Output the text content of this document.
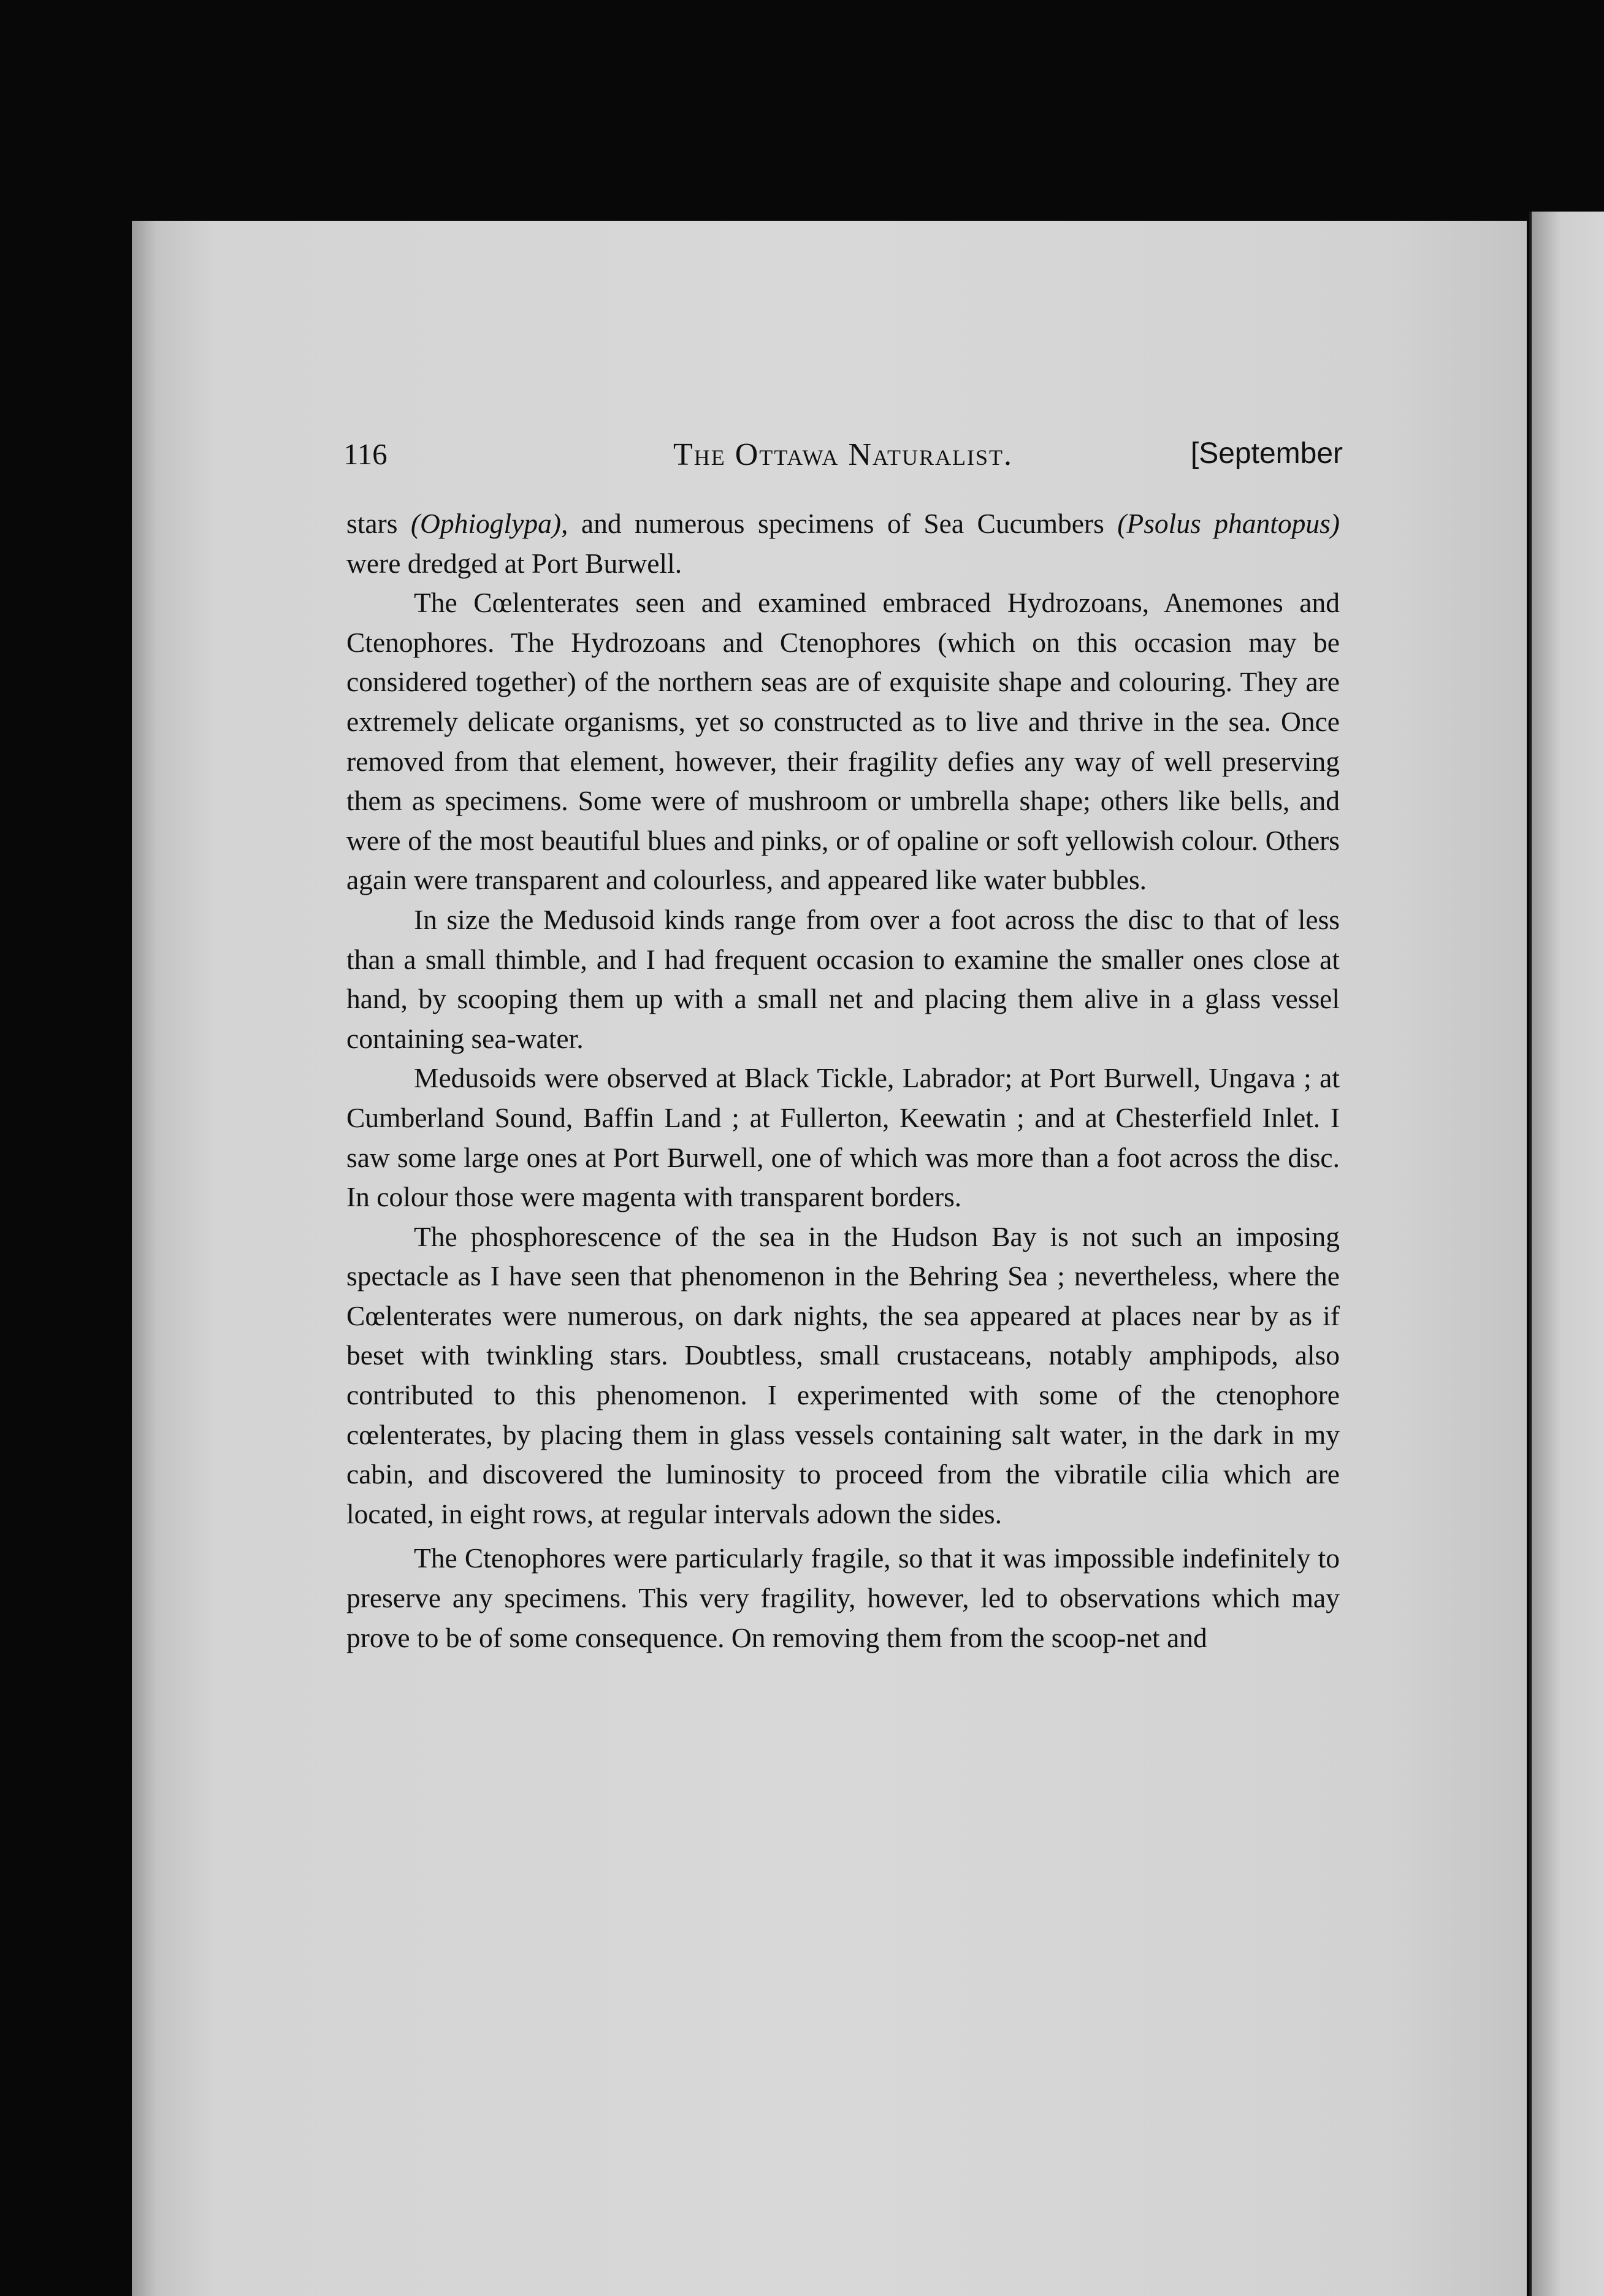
116	The Ottawa Naturalist.	[September

stars (Ophioglypa), and numerous specimens of Sea Cucumbers (Psolus phantopus) were dredged at Port Burwell.

The Cœlenterates seen and examined embraced Hydrozoans, Anemones and Ctenophores. The Hydrozoans and Ctenophores (which on this occasion may be considered together) of the northern seas are of exquisite shape and colouring. They are extremely delicate organisms, yet so constructed as to live and thrive in the sea. Once removed from that element, however, their fragility defies any way of well preserving them as specimens. Some were of mushroom or umbrella shape; others like bells, and were of the most beautiful blues and pinks, or of opaline or soft yellowish colour. Others again were transparent and colourless, and appeared like water bubbles.

In size the Medusoid kinds range from over a foot across the disc to that of less than a small thimble, and I had frequent occasion to examine the smaller ones close at hand, by scooping them up with a small net and placing them alive in a glass vessel containing sea-water.

Medusoids were observed at Black Tickle, Labrador; at Port Burwell, Ungava ; at Cumberland Sound, Baffin Land ; at Fullerton, Keewatin ; and at Chesterfield Inlet. I saw some large ones at Port Burwell, one of which was more than a foot across the disc. In colour those were magenta with transparent borders.

The phosphorescence of the sea in the Hudson Bay is not such an imposing spectacle as I have seen that phenomenon in the Behring Sea ; nevertheless, where the Cœlenterates were numerous, on dark nights, the sea appeared at places near by as if beset with twinkling stars. Doubtless, small crustaceans, notably amphipods, also contributed to this phenomenon. I experimented with some of the ctenophore cœlenterates, by placing them in glass vessels containing salt water, in the dark in my cabin, and discovered the luminosity to proceed from the vibratile cilia which are located, in eight rows, at regular intervals adown the sides.

The Ctenophores were particularly fragile, so that it was impossible indefinitely to preserve any specimens. This very fragility, however, led to observations which may prove to be of some consequence. On removing them from the scoop-net and
